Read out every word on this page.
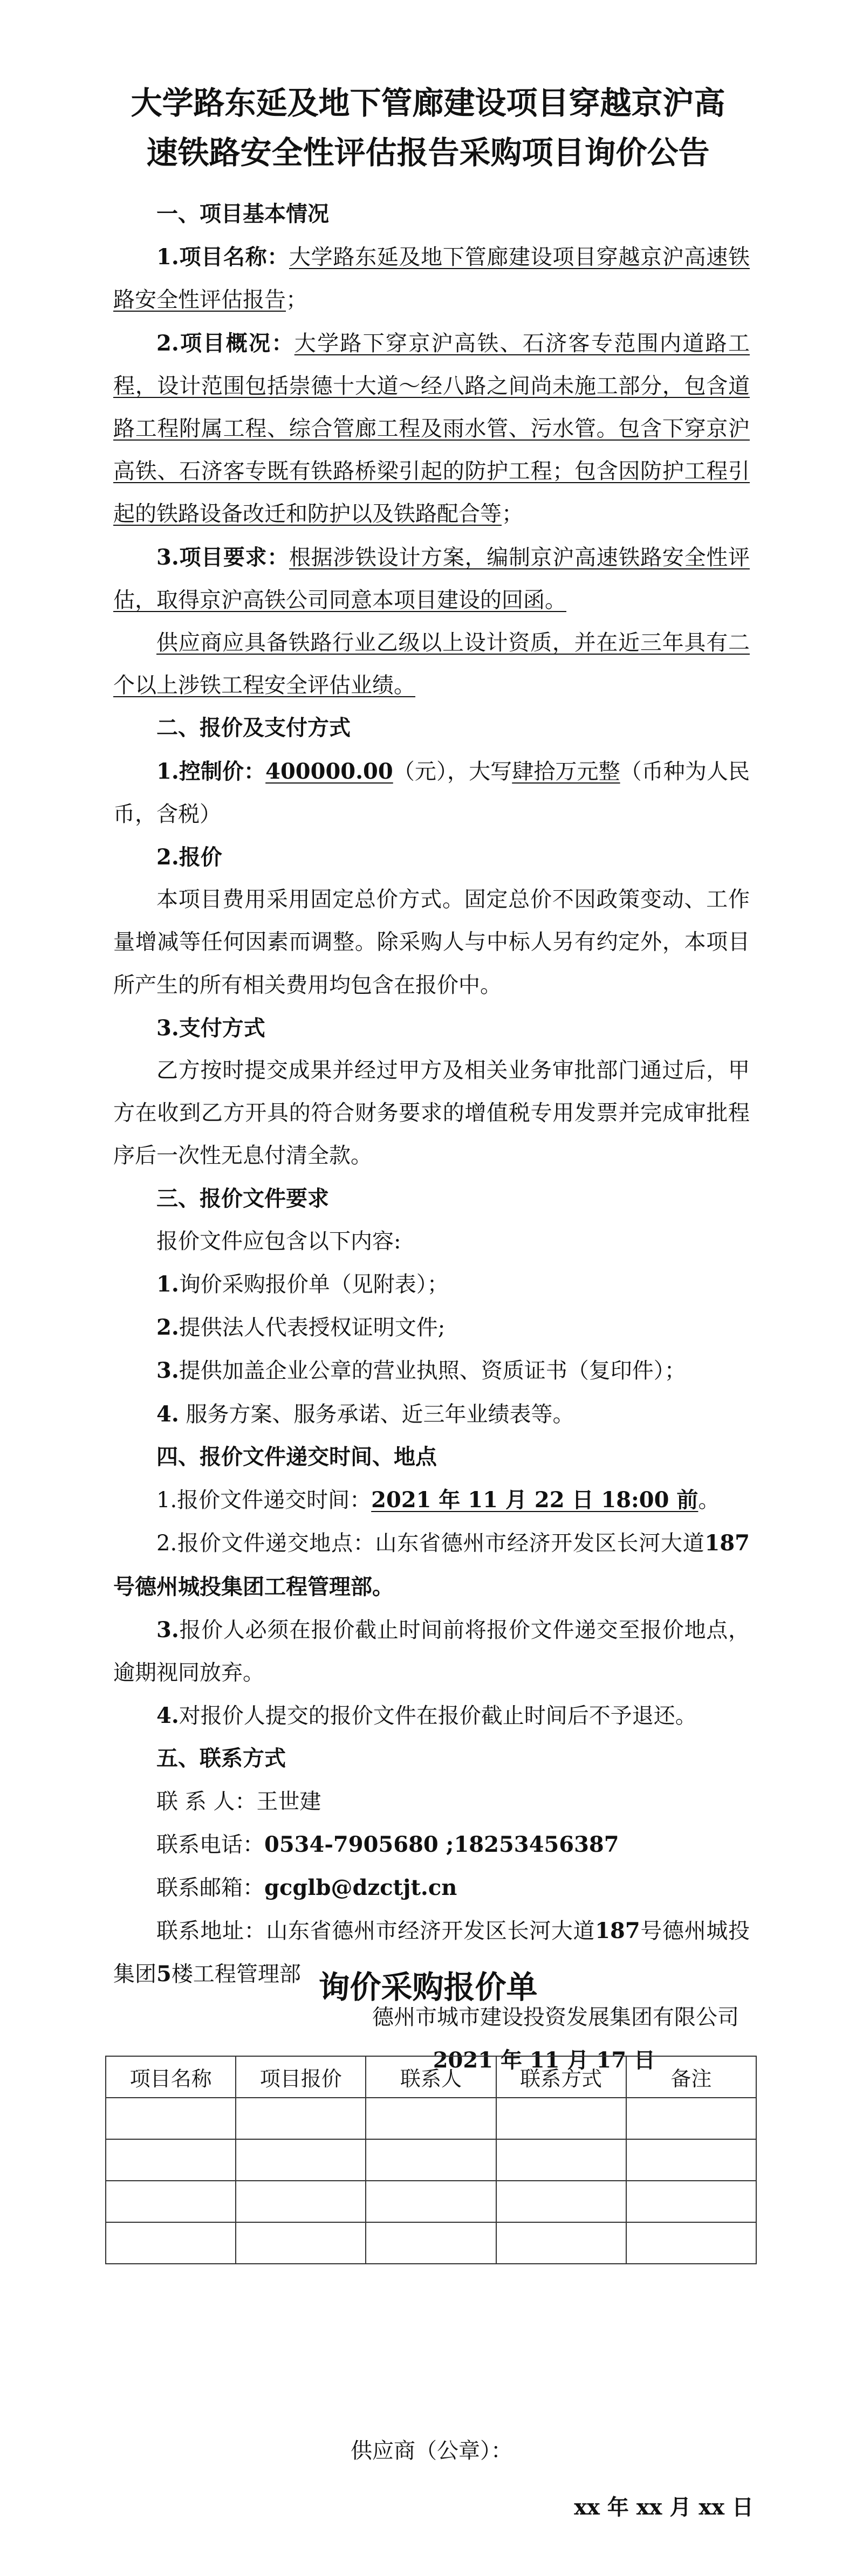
大学路东延及地下管廊建设项目穿越京沪高
速铁路安全性评估报告采购项目询价公告

一、项目基本情况

1.项目名称：大学路东延及地下管廊建设项目穿越京沪高速铁路安全性评估报告；

2.项目概况：大学路下穿京沪高铁、石济客专范围内道路工程，设计范围包括崇德十大道～经八路之间尚未施工部分，包含道路工程附属工程、综合管廊工程及雨水管、污水管。包含下穿京沪高铁、石济客专既有铁路桥梁引起的防护工程；包含因防护工程引起的铁路设备改迁和防护以及铁路配合等；

3.项目要求：根据涉铁设计方案，编制京沪高速铁路安全性评估，取得京沪高铁公司同意本项目建设的回函。

供应商应具备铁路行业乙级以上设计资质，并在近三年具有二个以上涉铁工程安全评估业绩。

二、报价及支付方式

1.控制价：400000.00（元），大写肆拾万元整（币种为人民币，含税）

2.报价

本项目费用采用固定总价方式。固定总价不因政策变动、工作量增减等任何因素而调整。除采购人与中标人另有约定外，本项目所产生的所有相关费用均包含在报价中。

3.支付方式

乙方按时提交成果并经过甲方及相关业务审批部门通过后，甲方在收到乙方开具的符合财务要求的增值税专用发票并完成审批程序后一次性无息付清全款。

三、报价文件要求

报价文件应包含以下内容:

1.询价采购报价单（见附表）；

2.提供法人代表授权证明文件;

3.提供加盖企业公章的营业执照、资质证书（复印件）；

4. 服务方案、服务承诺、近三年业绩表等。

四、报价文件递交时间、地点

1.报价文件递交时间：2021 年 11 月 22 日 18:00 前。

2.报价文件递交地点：山东省德州市经济开发区长河大道187 号德州城投集团工程管理部。

3.报价人必须在报价截止时间前将报价文件递交至报价地点，逾期视同放弃。

4.对报价人提交的报价文件在报价截止时间后不予退还。

五、联系方式

联 系 人：王世建

联系电话：0534-7905680 ;18253456387

联系邮箱：gcglb@dzctjt.cn

联系地址：山东省德州市经济开发区长河大道187号德州城投集团5楼工程管理部

德州市城市建设投资发展集团有限公司

2021 年 11 月 17 日

询价采购报价单
项目名称	项目报价	联系人	联系方式	备注

供应商（公章）：
xx 年 xx 月 xx 日
